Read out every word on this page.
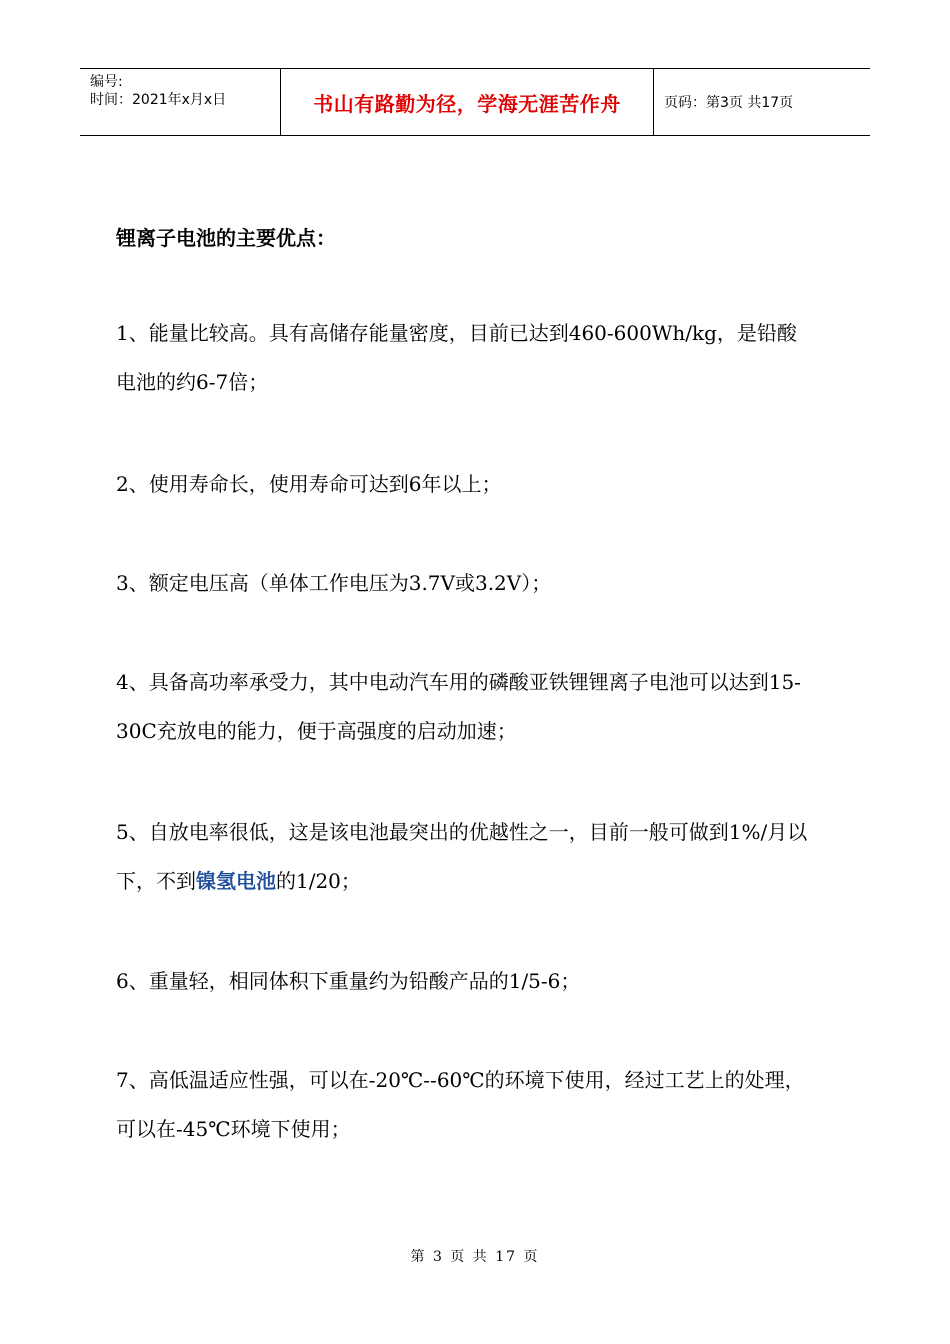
编号:
时间：2021年x月x日	书山有路勤为径，学海无涯苦作舟	页码：第3页 共17页
锂离子电池的主要优点：
1、能量比较高。具有高储存能量密度，目前已达到460-600Wh/kg，是铅酸电池的约6-7倍；
2、使用寿命长，使用寿命可达到6年以上；
3、额定电压高（单体工作电压为3.7V或3.2V）；
4、具备高功率承受力，其中电动汽车用的磷酸亚铁锂锂离子电池可以达到15-30C充放电的能力，便于高强度的启动加速；
5、自放电率很低，这是该电池最突出的优越性之一，目前一般可做到1%/月以下，不到镍氢电池的1/20；
6、重量轻，相同体积下重量约为铅酸产品的1/5-6；
7、高低温适应性强，可以在-20℃--60℃的环境下使用，经过工艺上的处理，可以在-45℃环境下使用；
第 3 页 共 17 页
